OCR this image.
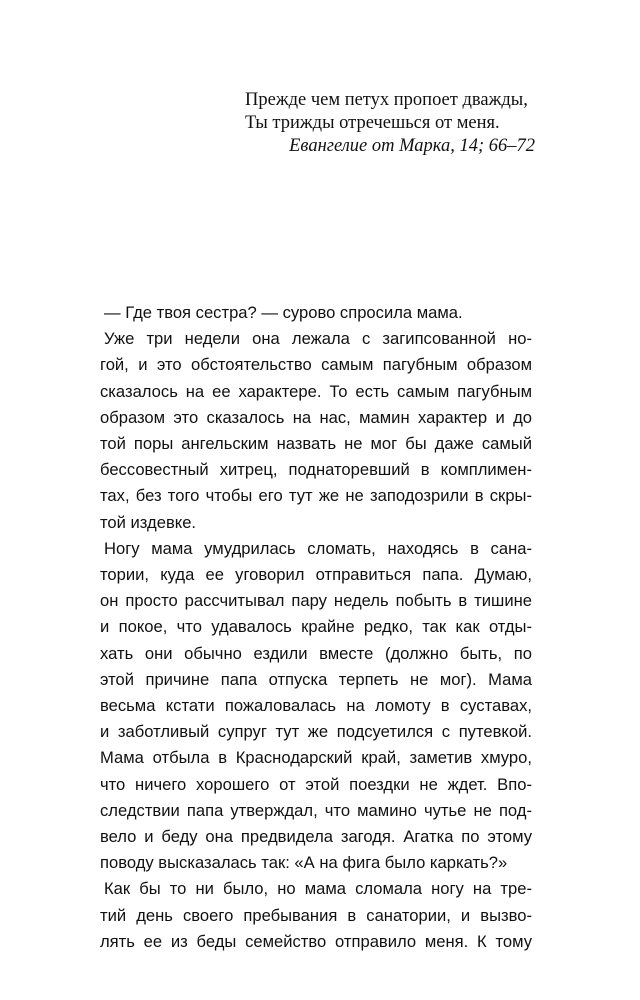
Прежде чем петух пропоет дважды,
Ты трижды отречешься от меня.
Евангелие от Марка, 14; 66–72
— Где твоя сестра? — сурово спросила мама.
Уже три недели она лежала с загипсованной но-
гой, и это обстоятельство самым пагубным образом
сказалось на ее характере. То есть самым пагубным
образом это сказалось на нас, мамин характер и до
той поры ангельским назвать не мог бы даже самый
бессовестный хитрец, поднаторевший в комплимен-
тах, без того чтобы его тут же не заподозрили в скры-
той издевке.
Ногу мама умудрилась сломать, находясь в сана-
тории, куда ее уговорил отправиться папа. Думаю,
он просто рассчитывал пару недель побыть в тишине
и покое, что удавалось крайне редко, так как отды-
хать они обычно ездили вместе (должно быть, по
этой причине папа отпуска терпеть не мог). Мама
весьма кстати пожаловалась на ломоту в суставах,
и заботливый супруг тут же подсуетился с путевкой.
Мама отбыла в Краснодарский край, заметив хмуро,
что ничего хорошего от этой поездки не ждет. Впо-
следствии папа утверждал, что мамино чутье не под-
вело и беду она предвидела загодя. Агатка по этому
поводу высказалась так: «А на фига было каркать?»
Как бы то ни было, но мама сломала ногу на тре-
тий день своего пребывания в санатории, и вызво-
лять ее из беды семейство отправило меня. К тому
